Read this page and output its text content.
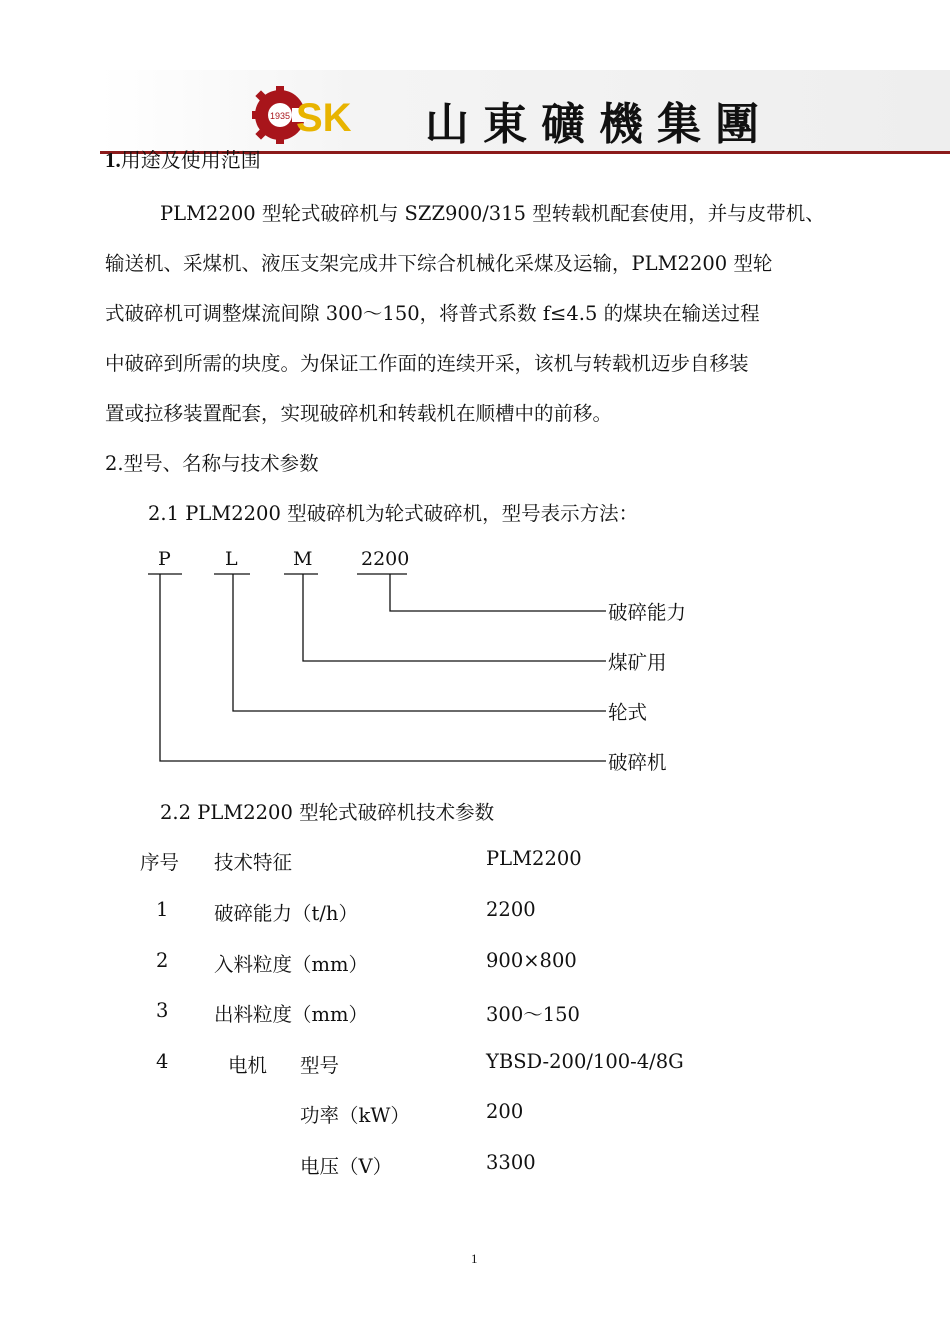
1935 SK 山東礦機集團
1.用途及使用范围
PLM2200 型轮式破碎机与 SZZ900/315 型转载机配套使用，并与皮带机、
输送机、采煤机、液压支架完成井下综合机械化采煤及运输，PLM2200 型轮
式破碎机可调整煤流间隙 300～150，将普式系数 f≤4.5 的煤块在输送过程
中破碎到所需的块度。为保证工作面的连续开采，该机与转载机迈步自移装
置或拉移装置配套，实现破碎机和转载机在顺槽中的前移。
2.型号、名称与技术参数
2.1 PLM2200 型破碎机为轮式破碎机，型号表示方法：
P	L	M	2200
破碎能力
煤矿用
轮式
破碎机
2.2 PLM2200 型轮式破碎机技术参数
序号 技术特征	PLM2200
1 破碎能力（t/h）	2200
2 入料粒度（mm）	900×800
3 出料粒度（mm）	300～150
4	电机 型号	YBSD-200/100-4/8G
功率（kW）	200
电压（V）	3300
1
